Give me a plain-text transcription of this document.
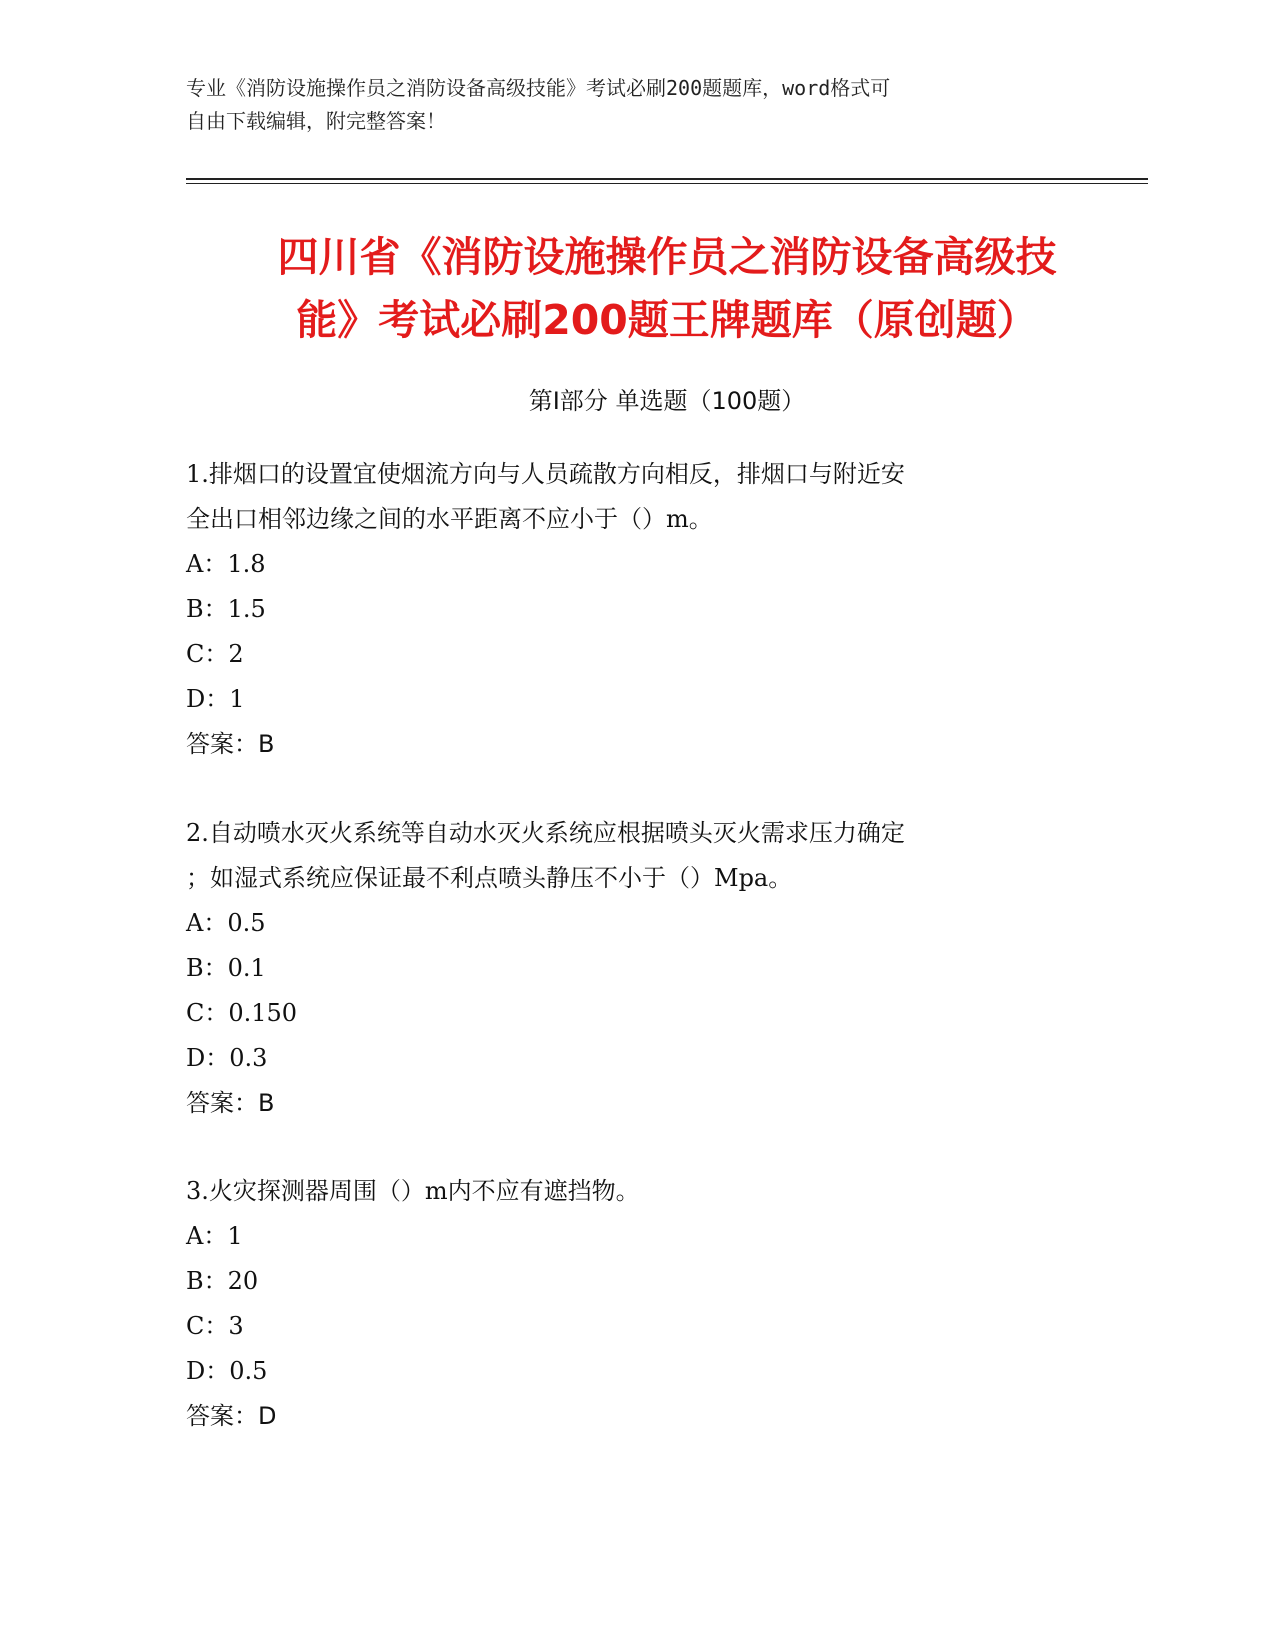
专业《消防设施操作员之消防设备高级技能》考试必刷200题题库，word格式可
自由下载编辑，附完整答案！
四川省《消防设施操作员之消防设备高级技
能》考试必刷200题王牌题库（原创题）
第Ⅰ部分 单选题（100题）
1.排烟口的设置宜使烟流方向与人员疏散方向相反，排烟口与附近安
全出口相邻边缘之间的水平距离不应小于（）m。
A：1.8
B：1.5
C：2
D：1
答案：B
2.自动喷水灭火系统等自动水灭火系统应根据喷头灭火需求压力确定
；如湿式系统应保证最不利点喷头静压不小于（）Mpa。
A：0.5
B：0.1
C：0.150
D：0.3
答案：B
3.火灾探测器周围（）m内不应有遮挡物。
A：1
B：20
C：3
D：0.5
答案：D
